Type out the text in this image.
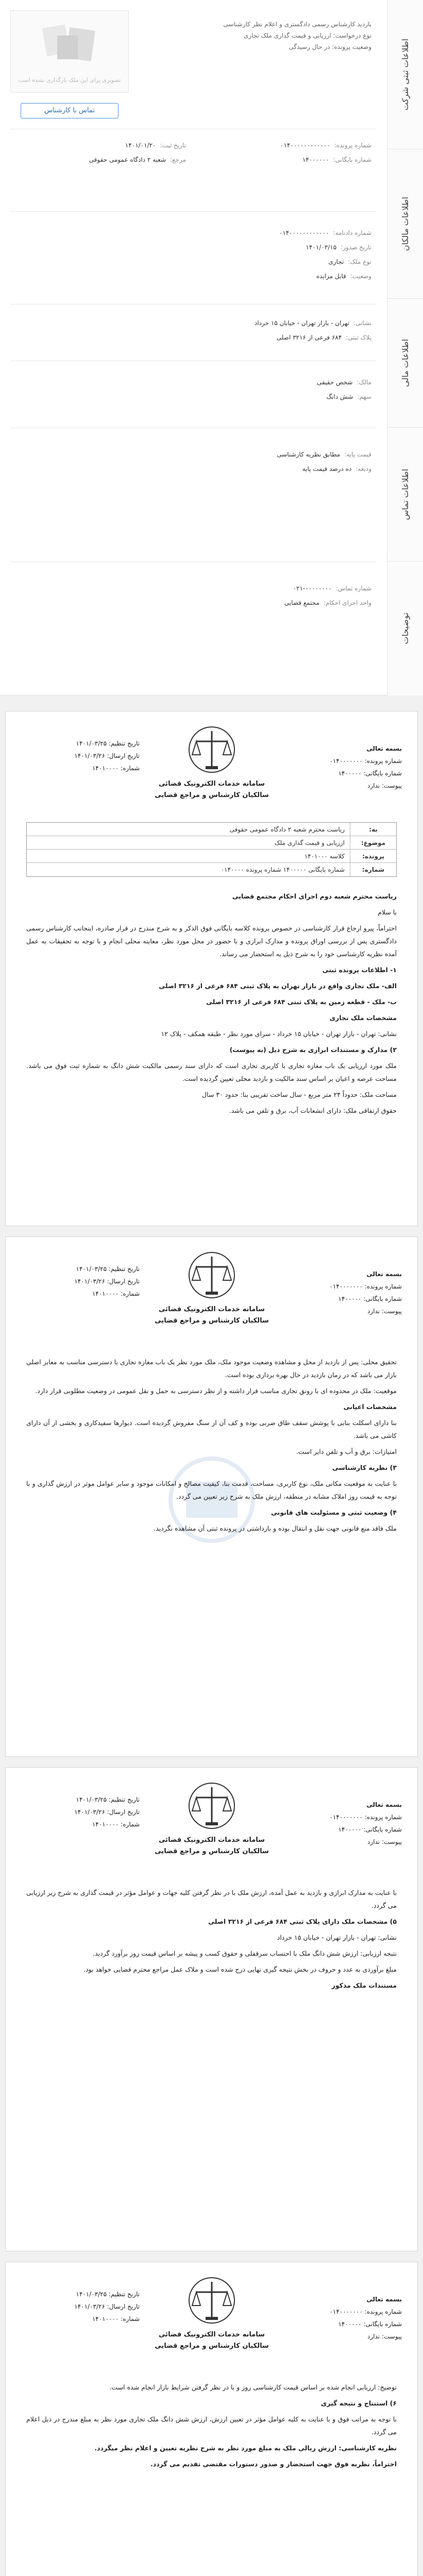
اطلاعات ثبتی شرکت
اطلاعات مالکان
اطلاعات مالی
اطلاعات تماس
توضیحات
تصویری برای این ملک بارگذاری نشده است
تماس با کارشناس
بازدید کارشناس رسمی دادگستری و اعلام نظر کارشناسی
نوع درخواست: ارزیابی و قیمت گذاری ملک تجاری
وضعیت پرونده: در حال رسیدگی
شماره پرونده:
۰۱۴۰۰۰۰۰۰۰۰۰۰۰۰
شماره بایگانی:
۱۴۰۰۰۰۰۰
تاریخ ثبت:
۱۴۰۱/۰۱/۲۰
مرجع:
شعبه ۲ دادگاه عمومی حقوقی
شماره دادنامه:
۰۱۴۰۰۰۰۰۰۰۰۰۰۰۰
تاریخ صدور:
۱۴۰۱/۰۳/۱۵
نوع ملک:
تجاری
وضعیت:
قابل مزایده
نشانی:
تهران - بازار تهران - خیابان ۱۵ خرداد
پلاک ثبتی:
۶۸۴ فرعی از ۳۲۱۶ اصلی
مالک:
شخص حقیقی
سهم:
شش دانگ
قیمت پایه:
مطابق نظریه کارشناسی
ودیعه:
ده درصد قیمت پایه
شماره تماس:
۰۲۱-۰۰۰۰۰۰۰۰
واحد اجرای احکام:
مجتمع قضایی
سامانه خدمات الکترونیک قضائی
سالکیان کارشناس و مراجع قضایی
بسمه تعالی
شماره پرونده: ۰۱۴۰۰۰۰۰۰۰
شماره بایگانی: ۱۴۰۰۰۰۰
پیوست: ندارد
تاریخ تنظیم: ۱۴۰۱/۰۳/۲۵
تاریخ ارسال: ۱۴۰۱/۰۳/۲۶
شماره: ۱۴۰۱۰۰۰۰
به:
ریاست محترم شعبه ۲ دادگاه عمومی حقوقی
موضوع:
ارزیابی و قیمت گذاری ملک
پرونده:
کلاسه ۱۴۰۱۰۰۰
شماره:
شماره بایگانی ۱۴۰۰۰۰۰ شماره پرونده ۰۱۴۰۰۰۰

ریاست محترم شعبه دوم اجرای احکام مجتمع قضایی

با سلام

احتراماً، پیرو ارجاع قرار کارشناسی در خصوص پرونده کلاسه بایگانی فوق الذکر و به شرح مندرج در قرار صادره، اینجانب کارشناس رسمی دادگستری پس از بررسی اوراق پرونده و مدارک ابرازی و با حضور در محل مورد نظر، معاینه محلی انجام و با توجه به تحقیقات به عمل آمده نظریه کارشناسی خود را به شرح ذیل به استحضار می رساند.

۱- اطلاعات پرونده ثبتی

الف- ملک تجاری واقع در بازار تهران به پلاک ثبتی ۶۸۴ فرعی از ۳۲۱۶ اصلی

ب- ملک - قطعه زمین به پلاک ثبتی ۶۸۴ فرعی از ۳۲۱۶ اصلی

مشخصات ملک تجاری

نشانی: تهران - بازار تهران - خیابان ۱۵ خرداد - سرای مورد نظر - طبقه همکف - پلاک ۱۲

۲) مدارک و مستندات ابرازی به شرح ذیل (به پیوست)

ملک مورد ارزیابی یک باب مغازه تجاری با کاربری تجاری است که دارای سند رسمی مالکیت شش دانگ به شماره ثبت فوق می باشد. مساحت عرصه و اعیان بر اساس سند مالکیت و بازدید محلی تعیین گردیده است.

مساحت ملک: حدوداً ۲۴ متر مربع - سال ساخت تقریبی بنا: حدود ۳۰ سال

حقوق ارتفاقی ملک: دارای انشعابات آب، برق و تلفن می باشد.

سامانه خدمات الکترونیک قضائی
سالکیان کارشناس و مراجع قضایی
بسمه تعالی
شماره پرونده: ۰۱۴۰۰۰۰۰۰۰
شماره بایگانی: ۱۴۰۰۰۰۰
پیوست: ندارد
تاریخ تنظیم: ۱۴۰۱/۰۳/۲۵
تاریخ ارسال: ۱۴۰۱/۰۳/۲۶
شماره: ۱۴۰۱۰۰۰۰

تحقیق محلی: پس از بازدید از محل و مشاهده وضعیت موجود ملک، ملک مورد نظر یک باب مغازه تجاری با دسترسی مناسب به معابر اصلی بازار می باشد که در زمان بازدید در حال بهره برداری بوده است.

موقعیت: ملک در محدوده ای با رونق تجاری مناسب قرار داشته و از نظر دسترسی به حمل و نقل عمومی در وضعیت مطلوبی قرار دارد.

مشخصات اعیانی

بنا دارای اسکلت بنایی با پوشش سقف طاق ضربی بوده و کف آن از سنگ مفروش گردیده است. دیوارها سفیدکاری و بخشی از آن دارای کاشی می باشد.

امتیازات: برق و آب و تلفن دایر است.

۳) نظریه کارشناسی

با عنایت به موقعیت مکانی ملک، نوع کاربری، مساحت، قدمت بنا، کیفیت مصالح و امکانات موجود و سایر عوامل موثر در ارزش گذاری و با توجه به قیمت روز املاک مشابه در منطقه، ارزش ملک به شرح زیر تعیین می گردد.

۴) وضعیت ثبتی و مسئولیت های قانونی

ملک فاقد منع قانونی جهت نقل و انتقال بوده و بازداشتی در پرونده ثبتی آن مشاهده نگردید.

سامانه خدمات الکترونیک قضائی
سالکیان کارشناس و مراجع قضایی
بسمه تعالی
شماره پرونده: ۰۱۴۰۰۰۰۰۰۰
شماره بایگانی: ۱۴۰۰۰۰۰
پیوست: ندارد
تاریخ تنظیم: ۱۴۰۱/۰۳/۲۵
تاریخ ارسال: ۱۴۰۱/۰۳/۲۶
شماره: ۱۴۰۱۰۰۰۰

با عنایت به مدارک ابرازی و بازدید به عمل آمده، ارزش ملک با در نظر گرفتن کلیه جهات و عوامل مؤثر در قیمت گذاری به شرح زیر ارزیابی می گردد.

۵) مشخصات ملک دارای پلاک ثبتی ۶۸۴ فرعی از ۳۲۱۶ اصلی

نشانی: تهران - بازار تهران - خیابان ۱۵ خرداد

نتیجه ارزیابی: ارزش شش دانگ ملک با احتساب سرقفلی و حقوق کسب و پیشه بر اساس قیمت روز برآورد گردید.

مبلغ برآوردی به عدد و حروف در بخش نتیجه گیری نهایی درج شده است و ملاک عمل مراجع محترم قضایی خواهد بود.

مستندات ملک مذکور

سامانه خدمات الکترونیک قضائی
سالکیان کارشناس و مراجع قضایی
بسمه تعالی
شماره پرونده: ۰۱۴۰۰۰۰۰۰۰
شماره بایگانی: ۱۴۰۰۰۰۰
پیوست: ندارد
تاریخ تنظیم: ۱۴۰۱/۰۳/۲۵
تاریخ ارسال: ۱۴۰۱/۰۳/۲۶
شماره: ۱۴۰۱۰۰۰۰

توضیح: ارزیابی انجام شده بر اساس قیمت کارشناسی روز و با در نظر گرفتن شرایط بازار انجام شده است.

۶) استنتاج و نتیجه گیری

با توجه به مراتب فوق و با عنایت به کلیه عوامل مؤثر در تعیین ارزش، ارزش شش دانگ ملک تجاری مورد نظر به مبلغ مندرج در ذیل اعلام می گردد.

نظریه کارشناسی: ارزش ریالی ملک به مبلغ مورد نظر به شرح نظریه تعیین و اعلام نظر میگردد.

احتراماً، نظریه فوق جهت استحضار و صدور دستورات مقتضی تقدیم می گردد.
